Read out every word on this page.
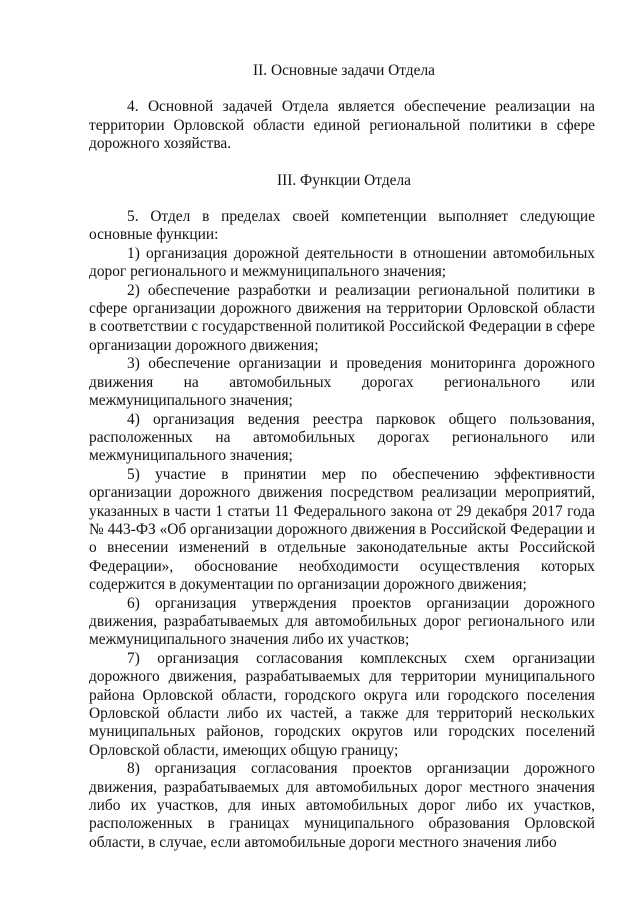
II. Основные задачи Отдела

4. Основной задачей Отдела является обеспечение реализации на территории Орловской области единой региональной политики в сфере дорожного хозяйства.

III. Функции Отдела

5. Отдел в пределах своей компетенции выполняет следующие основные функции:

1) организация дорожной деятельности в отношении автомобильных дорог регионального и межмуниципального значения;

2) обеспечение разработки и реализации региональной политики в сфере организации дорожного движения на территории Орловской области в соответствии с государственной политикой Российской Федерации в сфере организации дорожного движения;

3) обеспечение организации и проведения мониторинга дорожного движения на автомобильных дорогах регионального или межмуниципального значения;

4) организация ведения реестра парковок общего пользования, расположенных на автомобильных дорогах регионального или межмуниципального значения;

5) участие в принятии мер по обеспечению эффективности организации дорожного движения посредством реализации мероприятий, указанных в части 1 статьи 11 Федерального закона от 29 декабря 2017 года № 443-ФЗ «Об организации дорожного движения в Российской Федерации и о внесении изменений в отдельные законодательные акты Российской Федерации», обоснование необходимости осуществления которых содержится в документации по организации дорожного движения;

6) организация утверждения проектов организации дорожного движения, разрабатываемых для автомобильных дорог регионального или межмуниципального значения либо их участков;

7) организация согласования комплексных схем организации дорожного движения, разрабатываемых для территории муниципального района Орловской области, городского округа или городского поселения Орловской области либо их частей, а также для территорий нескольких муниципальных районов, городских округов или городских поселений Орловской области, имеющих общую границу;

8) организация согласования проектов организации дорожного движения, разрабатываемых для автомобильных дорог местного значения либо их участков, для иных автомобильных дорог либо их участков, расположенных в границах муниципального образования Орловской области, в случае, если автомобильные дороги местного значения либо
